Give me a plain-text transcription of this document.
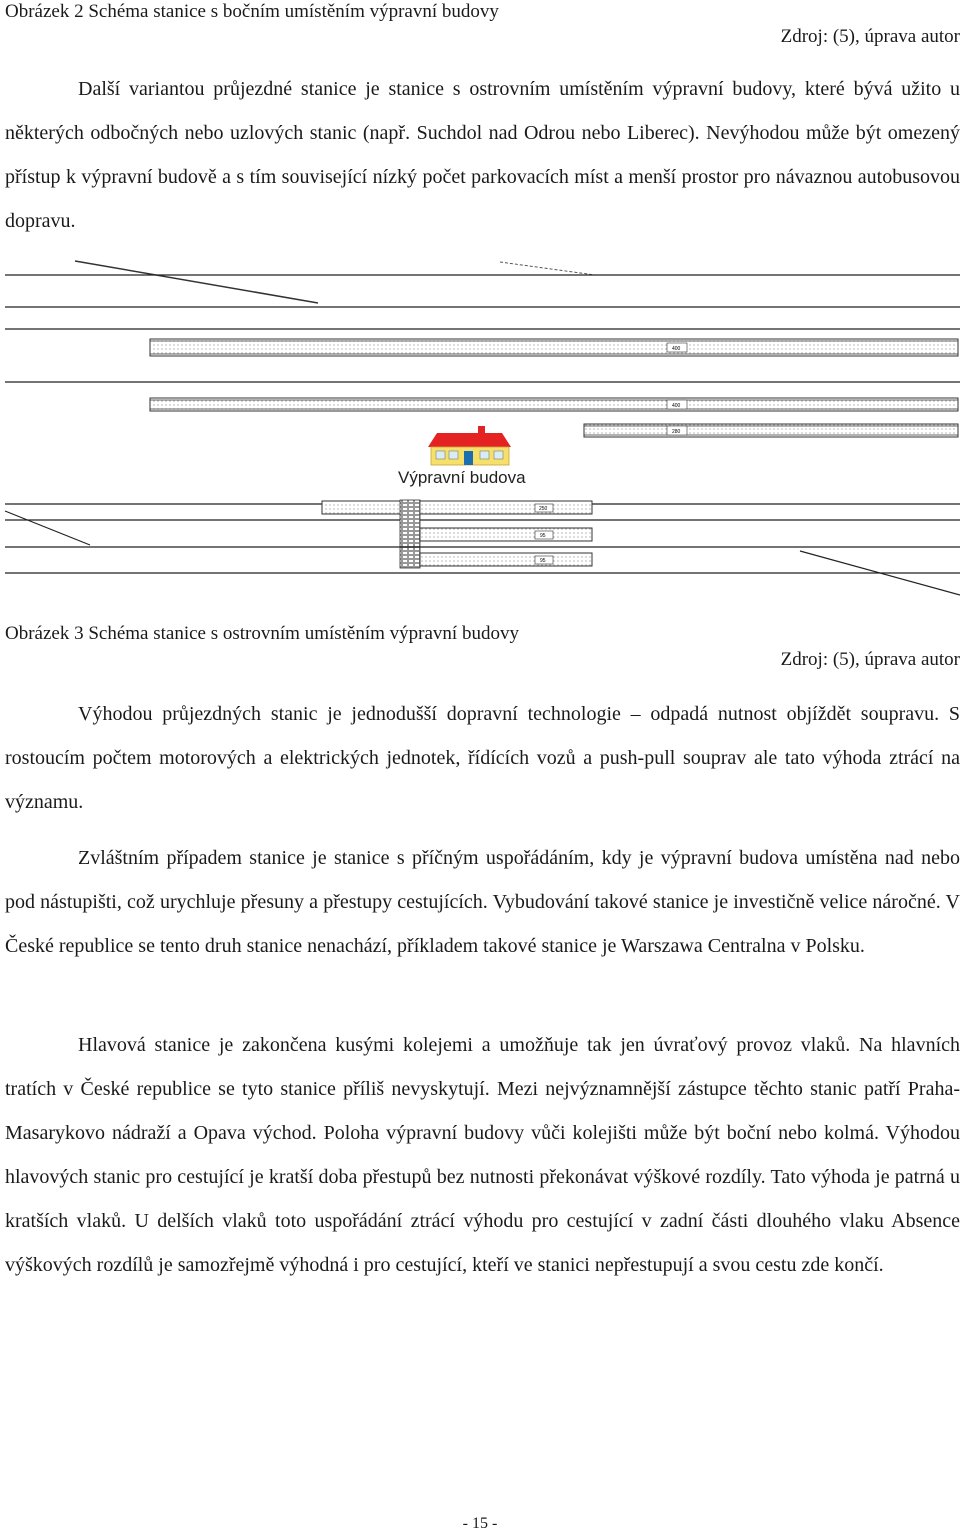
Obrázek 2 Schéma stanice s bočním umístěním výpravní budovy
Zdroj: (5), úprava autor

Další variantou průjezdné stanice je stanice s ostrovním umístěním výpravní budovy, které bývá užito u některých odbočných nebo uzlových stanic (např. Suchdol nad Odrou nebo Liberec). Nevýhodou může být omezený přístup k výpravní budově a s tím související nízký počet parkovacích míst a menší prostor pro návaznou autobusovou dopravu.

400
400
280
Výpravní budova
250
95
95
Obrázek 3 Schéma stanice s ostrovním umístěním výpravní budovy
Zdroj: (5), úprava autor

Výhodou průjezdných stanic je jednodušší dopravní technologie – odpadá nutnost objíždět soupravu. S rostoucím počtem motorových a elektrických jednotek, řídících vozů a push-pull souprav ale tato výhoda ztrácí na významu.

Zvláštním případem stanice je stanice s příčným uspořádáním, kdy je výpravní budova umístěna nad nebo pod nástupišti, což urychluje přesuny a přestupy cestujících. Vybudování takové stanice je investičně velice náročné. V České republice se tento druh stanice nenachází, příkladem takové stanice je Warszawa Centralna v Polsku.

Hlavová stanice je zakončena kusými kolejemi a umožňuje tak jen úvraťový provoz vlaků. Na hlavních tratích v České republice se tyto stanice příliš nevyskytují. Mezi nejvýznamnější zástupce těchto stanic patří Praha-Masarykovo nádraží a Opava východ. Poloha výpravní budovy vůči kolejišti může být boční nebo kolmá. Výhodou hlavových stanic pro cestující je kratší doba přestupů bez nutnosti překonávat výškové rozdíly. Tato výhoda je patrná u kratších vlaků. U delších vlaků toto uspořádání ztrácí výhodu pro cestující v zadní části dlouhého vlaku Absence výškových rozdílů je samozřejmě výhodná i pro cestující, kteří ve stanici nepřestupují a svou cestu zde končí.

- 15 -
